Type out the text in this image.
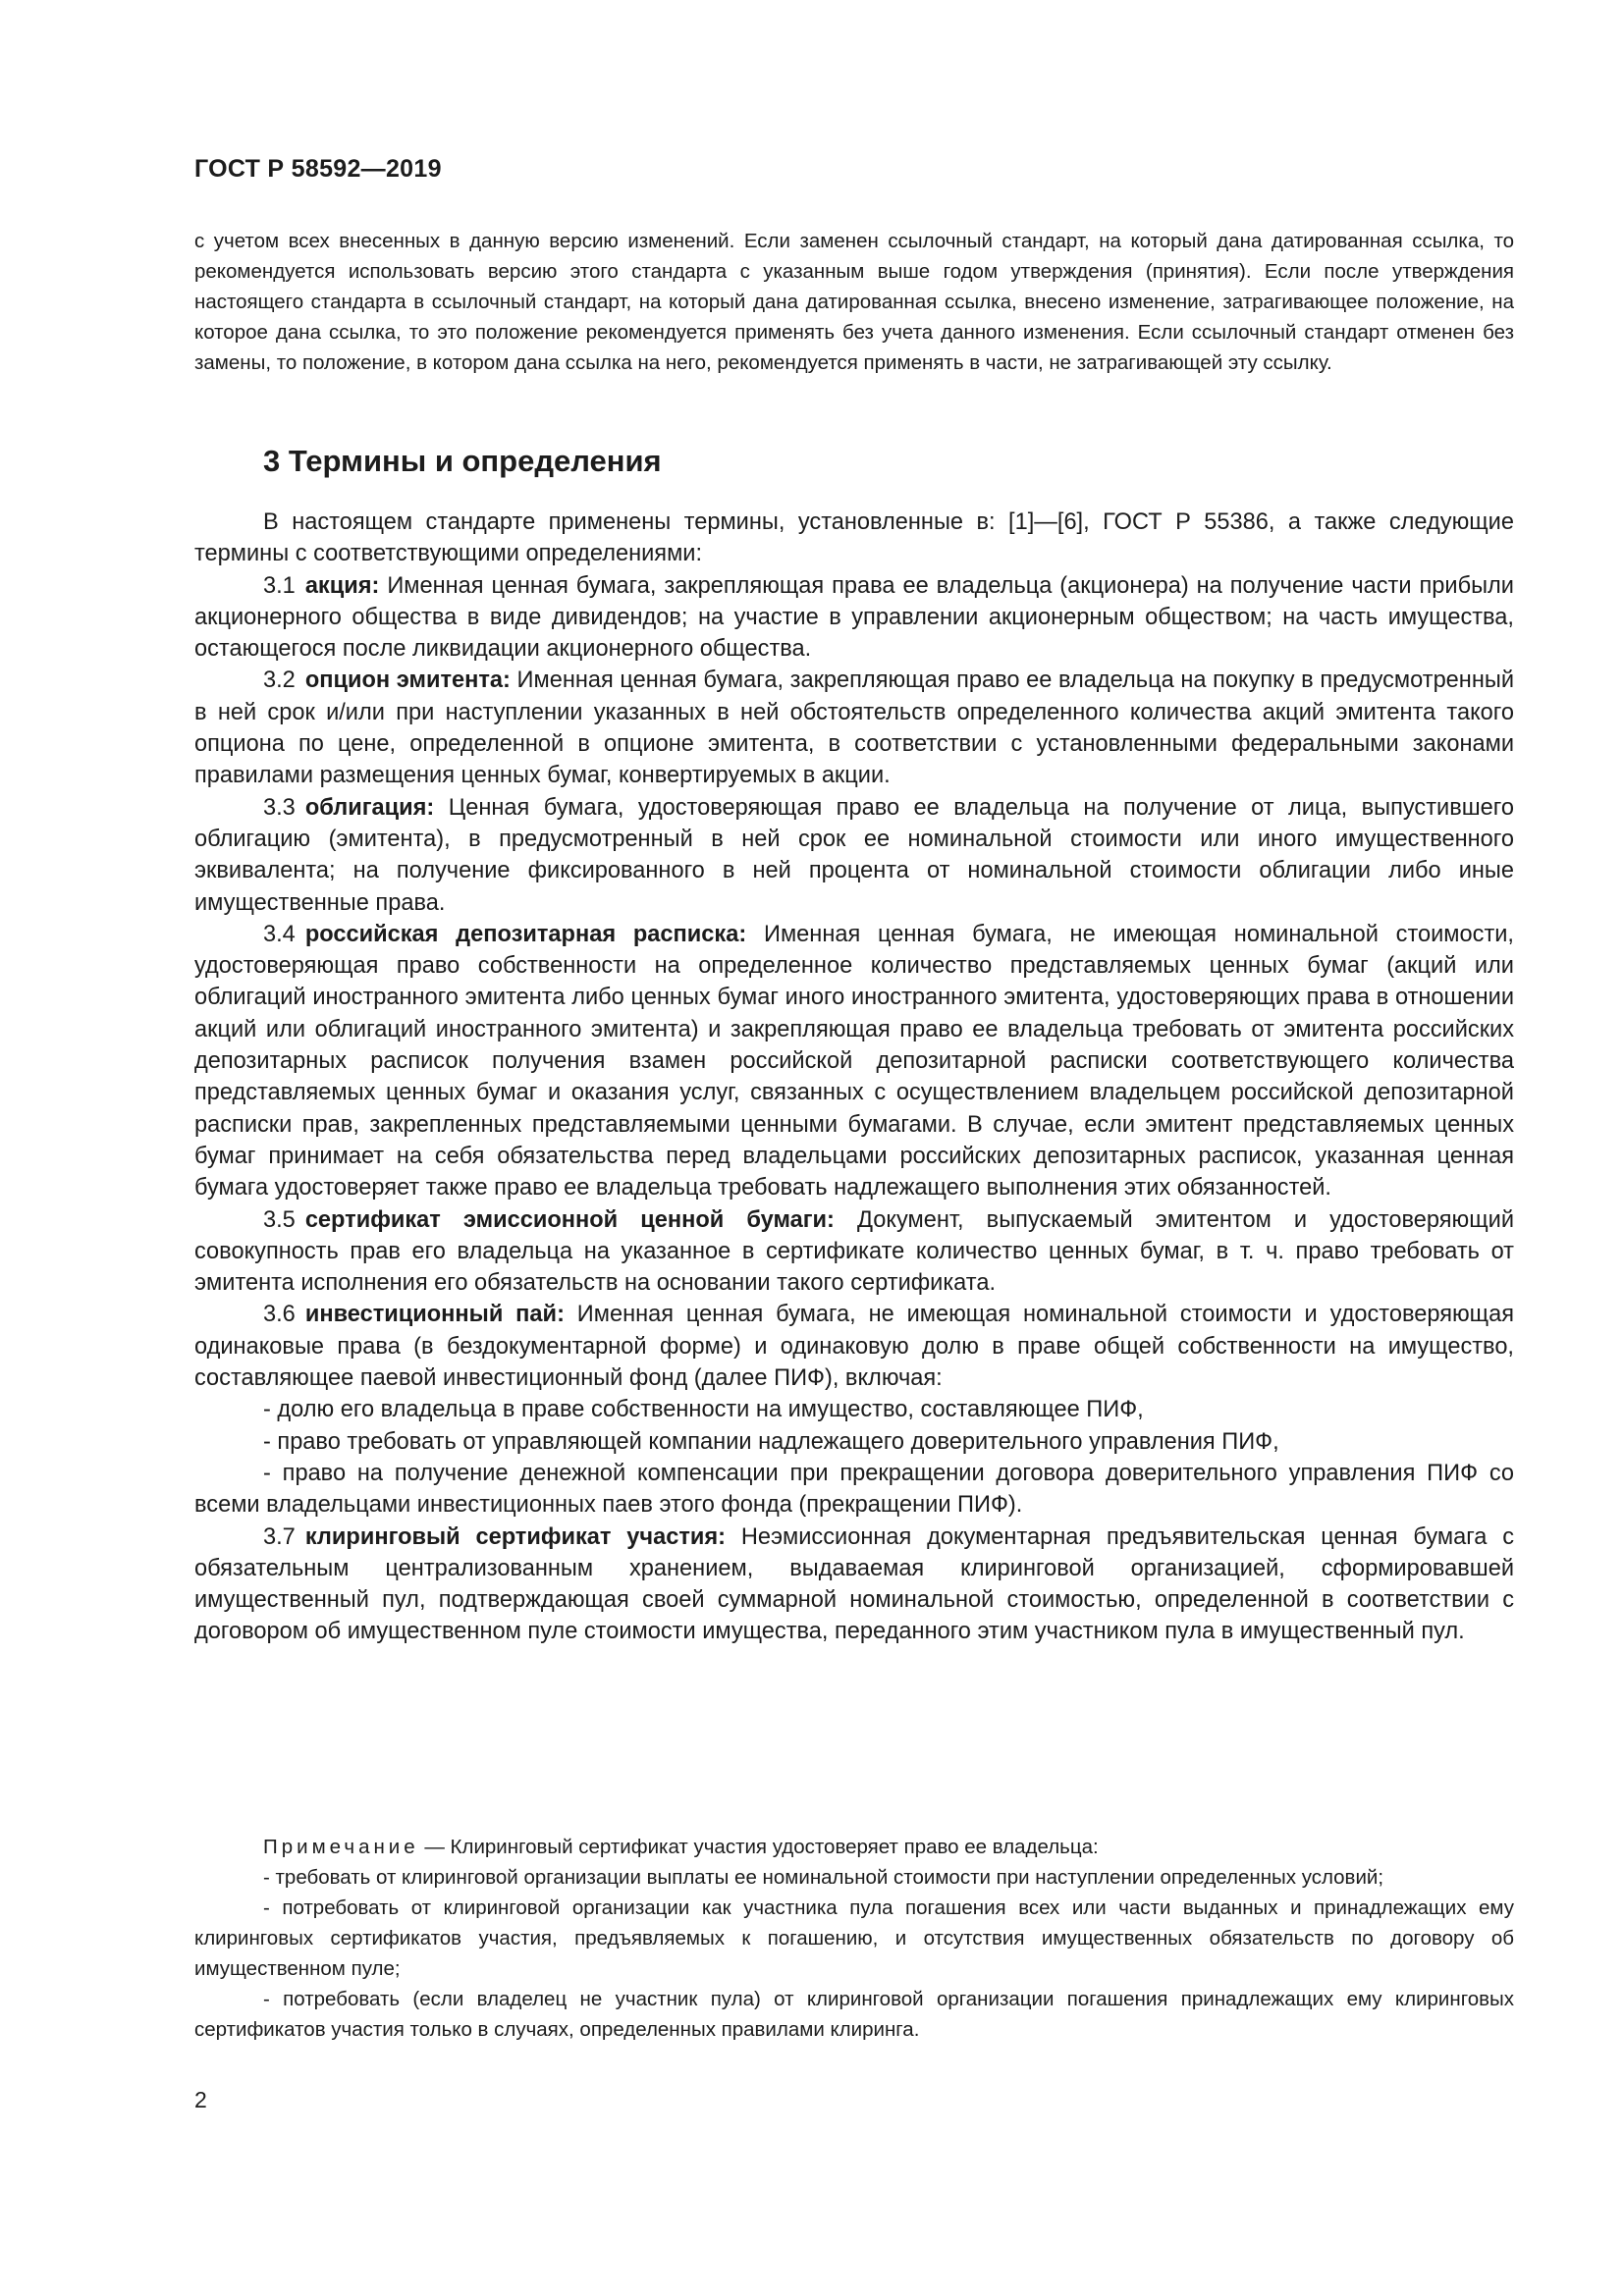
ГОСТ Р 58592—2019
с учетом всех внесенных в данную версию изменений. Если заменен ссылочный стандарт, на который дана датированная ссылка, то рекомендуется использовать версию этого стандарта с указанным выше годом утверждения (принятия). Если после утверждения настоящего стандарта в ссылочный стандарт, на который дана датированная ссылка, внесено изменение, затрагивающее положение, на которое дана ссылка, то это положение рекомендуется применять без учета данного изменения. Если ссылочный стандарт отменен без замены, то положение, в котором дана ссылка на него, рекомендуется применять в части, не затрагивающей эту ссылку.
3 Термины и определения

В настоящем стандарте применены термины, установленные в: [1]—[6], ГОСТ Р 55386, а также следующие термины с соответствующими определениями:

3.1 акция: Именная ценная бумага, закрепляющая права ее владельца (акционера) на получение части прибыли акционерного общества в виде дивидендов; на участие в управлении акционерным обществом; на часть имущества, остающегося после ликвидации акционерного общества.

3.2 опцион эмитента: Именная ценная бумага, закрепляющая право ее владельца на покупку в предусмотренный в ней срок и/или при наступлении указанных в ней обстоятельств определенного количества акций эмитента такого опциона по цене, определенной в опционе эмитента, в соответствии с установленными федеральными законами правилами размещения ценных бумаг, конвертируемых в акции.

3.3 облигация: Ценная бумага, удостоверяющая право ее владельца на получение от лица, выпустившего облигацию (эмитента), в предусмотренный в ней срок ее номинальной стоимости или иного имущественного эквивалента; на получение фиксированного в ней процента от номинальной стоимости облигации либо иные имущественные права.

3.4 российская депозитарная расписка: Именная ценная бумага, не имеющая номинальной стоимости, удостоверяющая право собственности на определенное количество представляемых ценных бумаг (акций или облигаций иностранного эмитента либо ценных бумаг иного иностранного эмитента, удостоверяющих права в отношении акций или облигаций иностранного эмитента) и закрепляющая право ее владельца требовать от эмитента российских депозитарных расписок получения взамен российской депозитарной расписки соответствующего количества представляемых ценных бумаг и оказания услуг, связанных с осуществлением владельцем российской депозитарной расписки прав, закрепленных представляемыми ценными бумагами. В случае, если эмитент представляемых ценных бумаг принимает на себя обязательства перед владельцами российских депозитарных расписок, указанная ценная бумага удостоверяет также право ее владельца требовать надлежащего выполнения этих обязанностей.

3.5 сертификат эмиссионной ценной бумаги: Документ, выпускаемый эмитентом и удостоверяющий совокупность прав его владельца на указанное в сертификате количество ценных бумаг, в т. ч. право требовать от эмитента исполнения его обязательств на основании такого сертификата.

3.6 инвестиционный пай: Именная ценная бумага, не имеющая номинальной стоимости и удостоверяющая одинаковые права (в бездокументарной форме) и одинаковую долю в праве общей собственности на имущество, составляющее паевой инвестиционный фонд (далее ПИФ), включая:

- долю его владельца в праве собственности на имущество, составляющее ПИФ,

- право требовать от управляющей компании надлежащего доверительного управления ПИФ,

- право на получение денежной компенсации при прекращении договора доверительного управления ПИФ со всеми владельцами инвестиционных паев этого фонда (прекращении ПИФ).

3.7 клиринговый сертификат участия: Неэмиссионная документарная предъявительская ценная бумага с обязательным централизованным хранением, выдаваемая клиринговой организацией, сформировавшей имущественный пул, подтверждающая своей суммарной номинальной стоимостью, определенной в соответствии с договором об имущественном пуле стоимости имущества, переданного этим участником пула в имущественный пул.

Примечание — Клиринговый сертификат участия удостоверяет право ее владельца:

- требовать от клиринговой организации выплаты ее номинальной стоимости при наступлении определенных условий;

- потребовать от клиринговой организации как участника пула погашения всех или части выданных и принадлежащих ему клиринговых сертификатов участия, предъявляемых к погашению, и отсутствия имущественных обязательств по договору об имущественном пуле;

- потребовать (если владелец не участник пула) от клиринговой организации погашения принадлежащих ему клиринговых сертификатов участия только в случаях, определенных правилами клиринга.

2
